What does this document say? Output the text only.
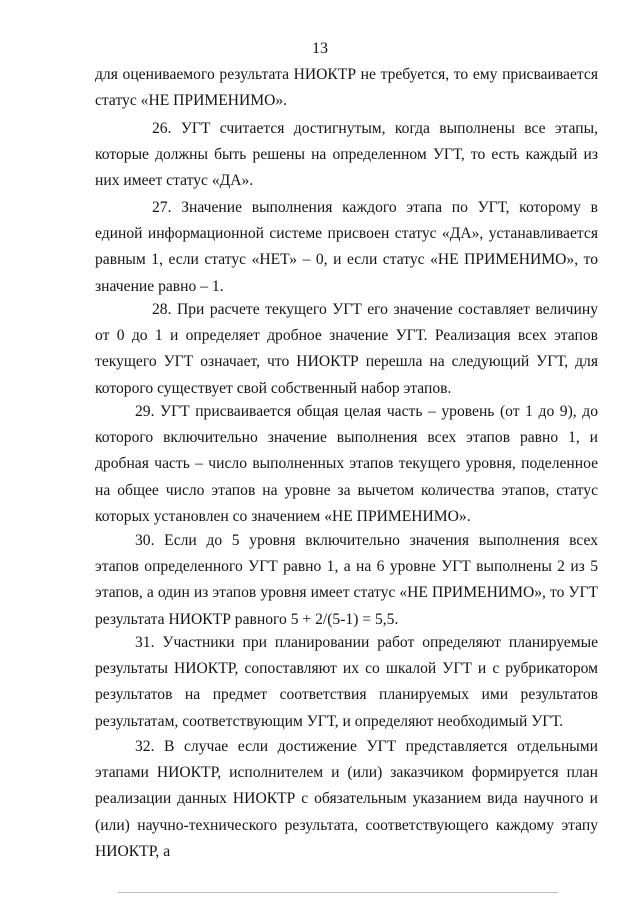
13

для оцениваемого результата НИОКТР не требуется, то ему присваивается статус «НЕ ПРИМЕНИМО».

26. УГТ считается достигнутым, когда выполнены все этапы, которые должны быть решены на определенном УГТ, то есть каждый из них имеет статус «ДА».

27. Значение выполнения каждого этапа по УГТ, которому в единой информационной системе присвоен статус «ДА», устанавливается равным 1, если статус «НЕТ» – 0, и если статус «НЕ ПРИМЕНИМО», то значение равно – 1.

28. При расчете текущего УГТ его значение составляет величину от 0 до 1 и определяет дробное значение УГТ. Реализация всех этапов текущего УГТ означает, что НИОКТР перешла на следующий УГТ, для которого существует свой собственный набор этапов.

29. УГТ присваивается общая целая часть – уровень (от 1 до 9), до которого включительно значение выполнения всех этапов равно 1, и дробная часть – число выполненных этапов текущего уровня, поделенное на общее число этапов на уровне за вычетом количества этапов, статус которых установлен со значением «НЕ ПРИМЕНИМО».

30. Если до 5 уровня включительно значения выполнения всех этапов определенного УГТ равно 1, а на 6 уровне УГТ выполнены 2 из 5 этапов, а один из этапов уровня имеет статус «НЕ ПРИМЕНИМО», то УГТ результата НИОКТР равного 5 + 2/(5-1) = 5,5.

31. Участники при планировании работ определяют планируемые результаты НИОКТР, сопоставляют их со шкалой УГТ и с рубрикатором результатов на предмет соответствия планируемых ими результатов результатам, соответствующим УГТ, и определяют необходимый УГТ.

32. В случае если достижение УГТ представляется отдельными этапами НИОКТР, исполнителем и (или) заказчиком формируется план реализации данных НИОКТР с обязательным указанием вида научного и (или) научно-технического результата, соответствующего каждому этапу НИОКТР, а
